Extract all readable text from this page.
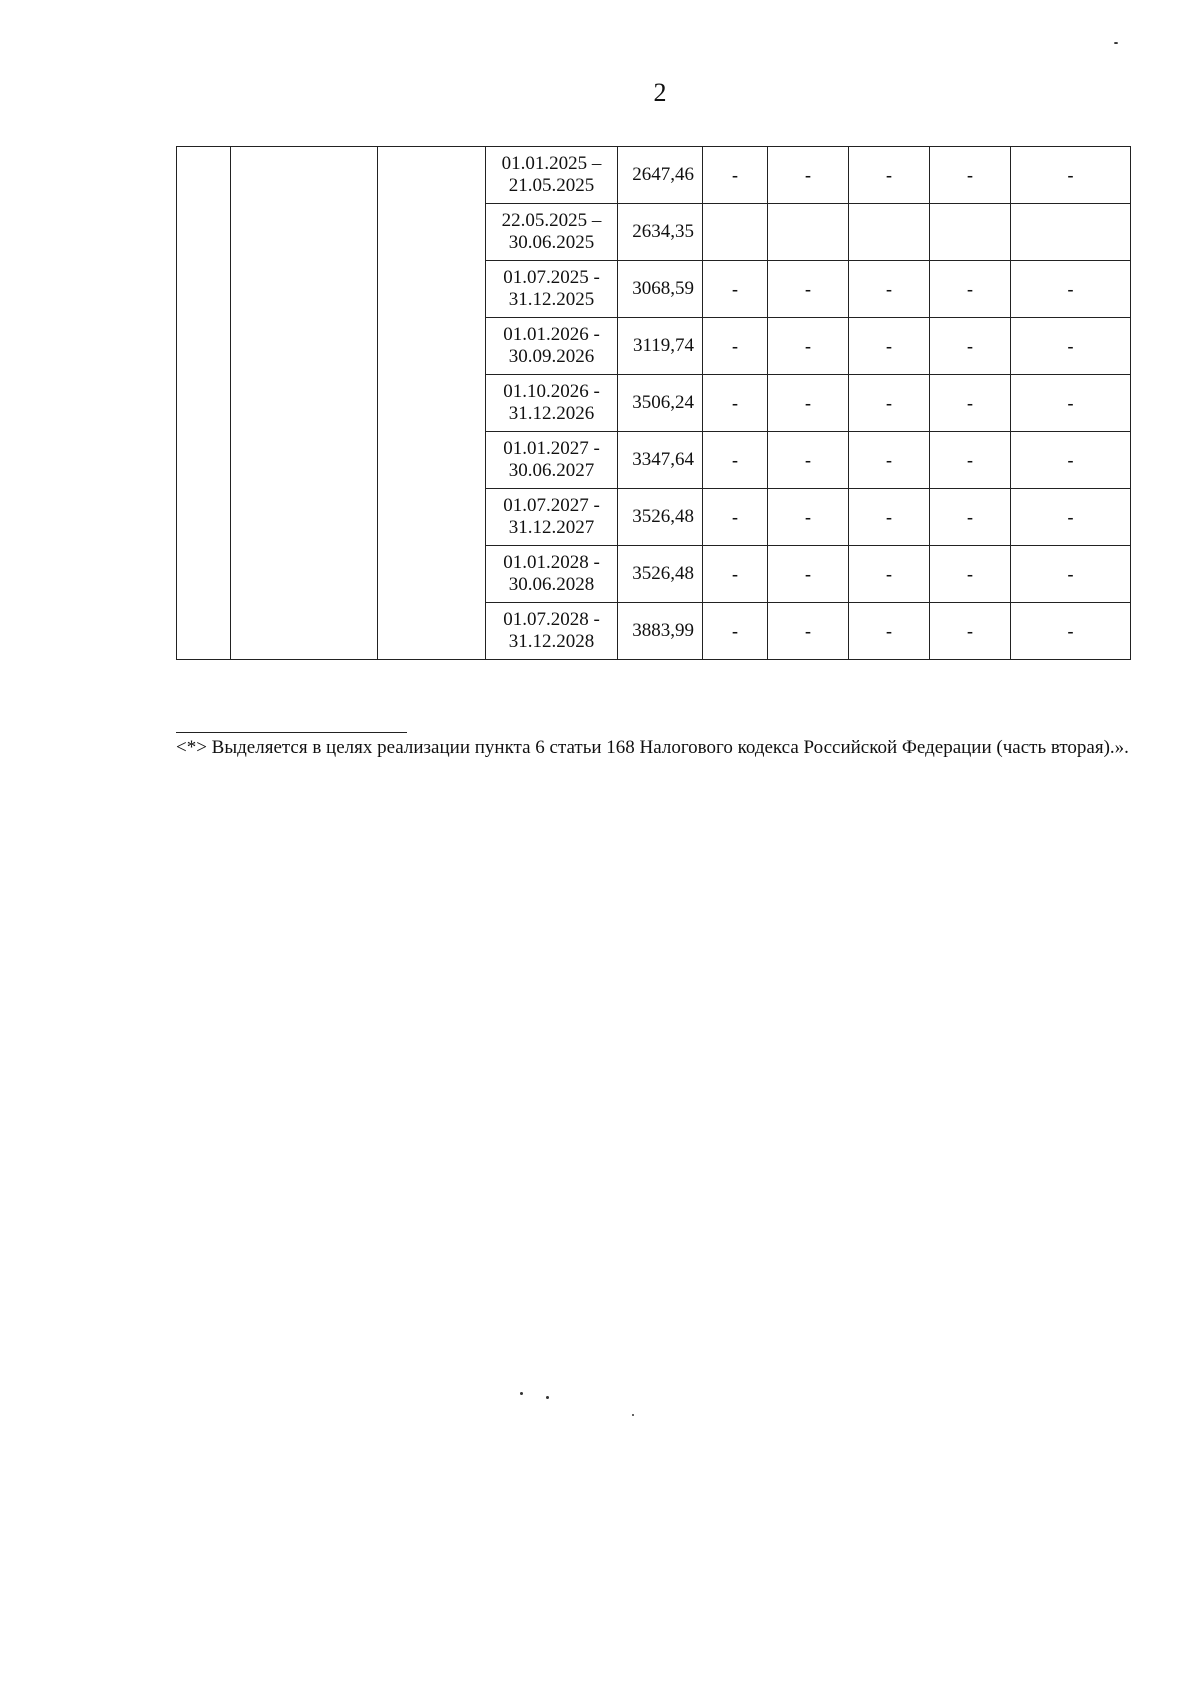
2
			01.01.2025 –
21.05.2025	2647,46	-	-	-	-	-
			22.05.2025 –
30.06.2025	2634,35					
			01.07.2025 -
31.12.2025	3068,59	-	-	-	-	-
			01.01.2026 -
30.09.2026	3119,74	-	-	-	-	-
			01.10.2026 -
31.12.2026	3506,24	-	-	-	-	-
			01.01.2027 -
30.06.2027	3347,64	-	-	-	-	-
			01.07.2027 -
31.12.2027	3526,48	-	-	-	-	-
			01.01.2028 -
30.06.2028	3526,48	-	-	-	-	-
			01.07.2028 -
31.12.2028	3883,99	-	-	-	-	-
<*> Выделяется в целях реализации пункта 6 статьи 168 Налогового кодекса Российской Федерации (часть вторая).».
